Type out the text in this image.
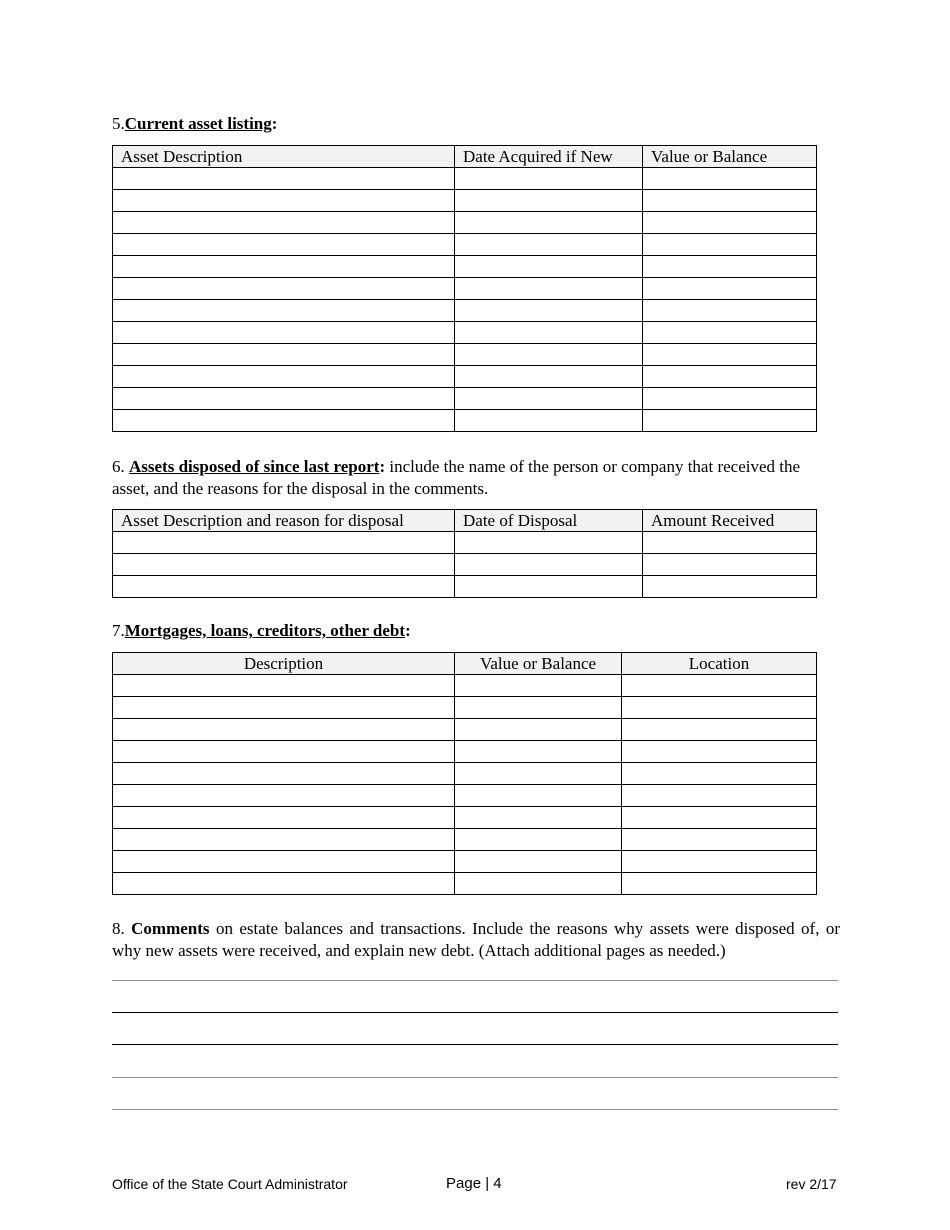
5.Current asset listing:
Asset Description	Date Acquired if New	Value or Balance

6. Assets disposed of since last report: include the name of the person or company that received the asset, and the reasons for the disposal in the comments.
Asset Description and reason for disposal	Date of Disposal	Amount Received

7.Mortgages, loans, creditors, other debt:
Description	Value or Balance	Location

8. Comments on estate balances and transactions. Include the reasons why assets were disposed of, or why new assets were received, and explain new debt. (Attach additional pages as needed.)
Office of the State Court Administrator	Page | 4	rev 2/17
